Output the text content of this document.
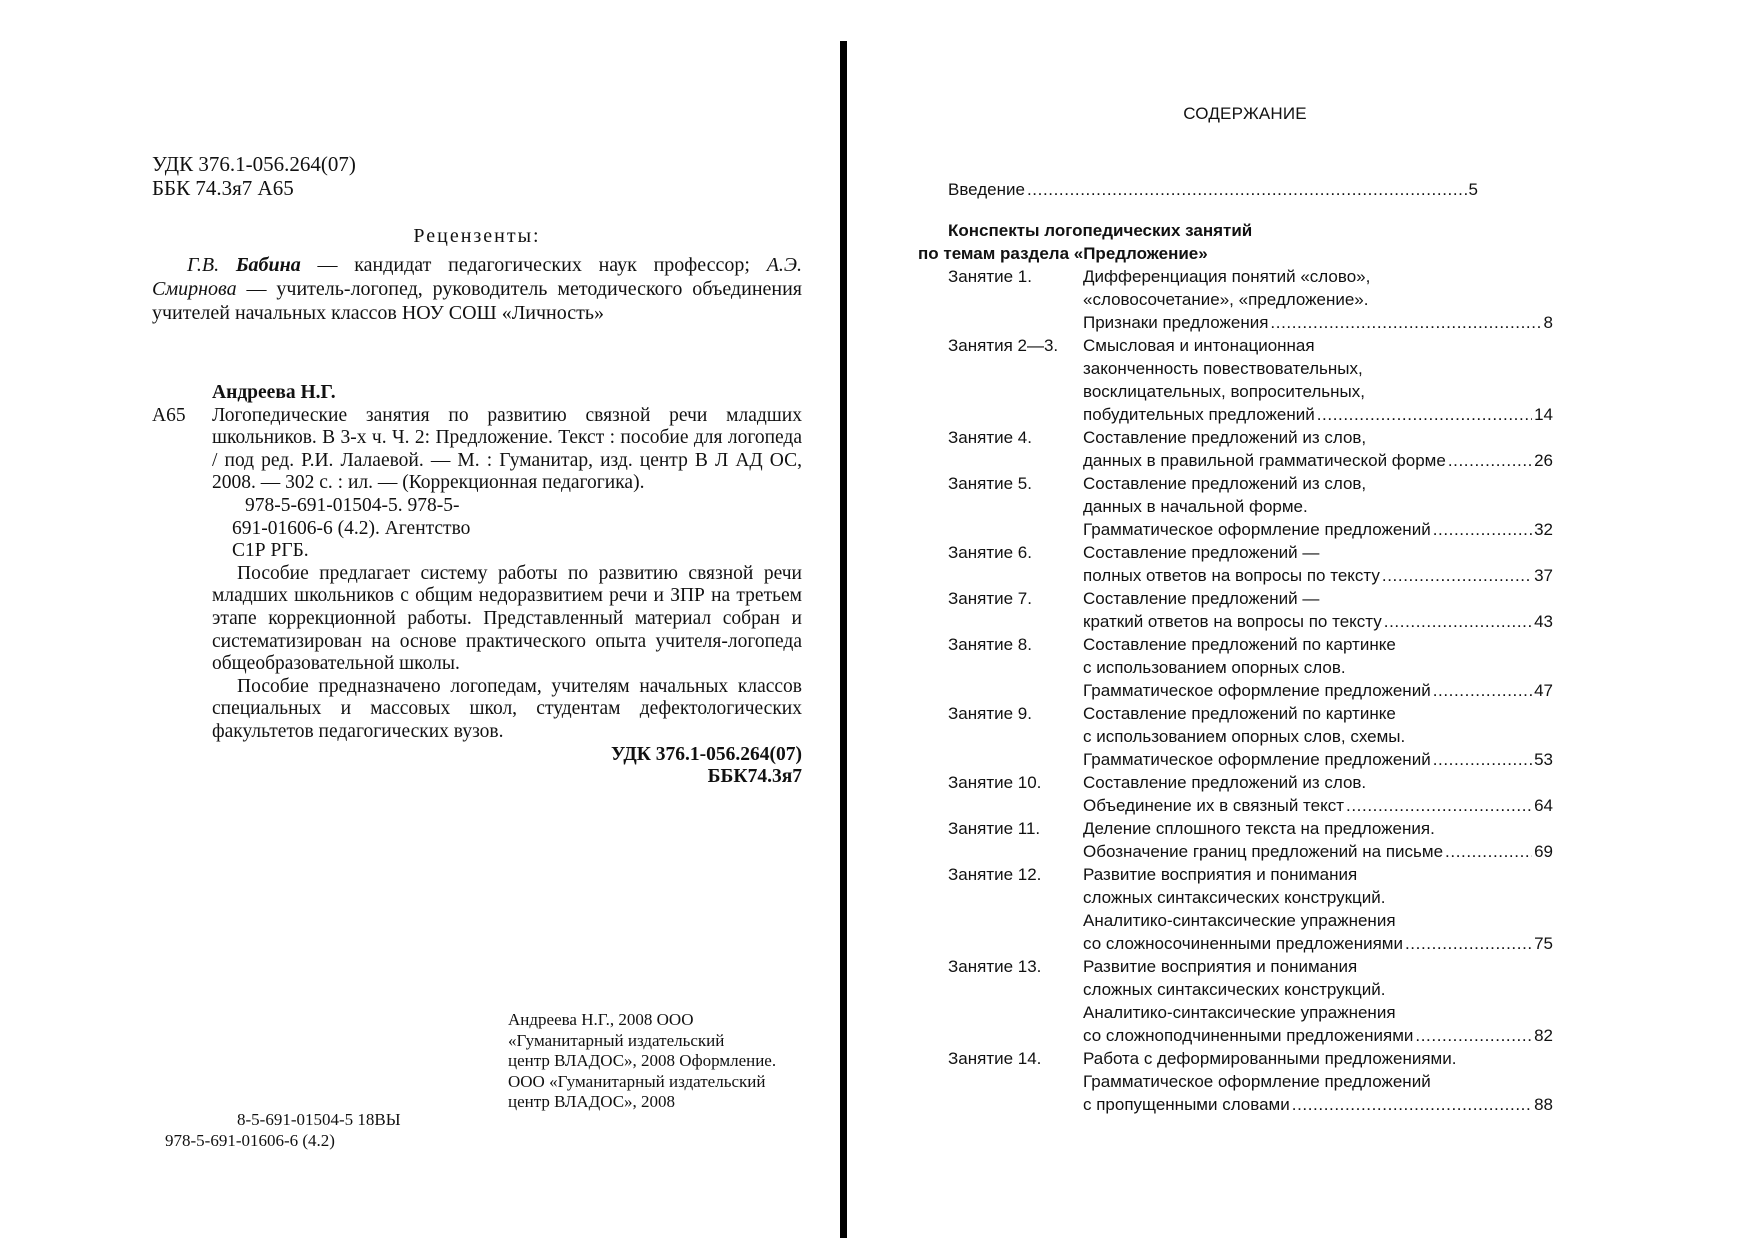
УДК 376.1-056.264(07)
ББК 74.3я7 А65
Рецензенты:
Г.В. Бабина — кандидат педагогических наук профессор; А.Э. Смирнова — учитель-логопед, руководитель методического объединения учителей начальных классов НОУ СОШ «Личность»
Андреева Н.Г.
А65	Логопедические занятия по развитию связной речи младших школьников. В 3-х ч. Ч. 2: Предложение. Текст : пособие для логопеда / под ред. Р.И. Лалаевой. — М. : Гуманитар, изд. центр В Л АД ОС, 2008. — 302 с. : ил. — (Коррекционная педагогика).
978-5-691-01504-5. 978-5-
691-01606-6 (4.2). Агентство
С1Р РГБ.

Пособие предлагает систему работы по развитию связной речи младших школьников с общим недоразвитием речи и ЗПР на третьем этапе коррекционной работы. Представленный материал собран и систематизирован на основе практического опыта учителя-логопеда общеобразовательной школы.

Пособие предназначено логопедам, учителям начальных классов специальных и массовых школ, студентам дефектологических факультетов педагогических вузов.

УДК 376.1-056.264(07)
ББК74.3я7
Андреева Н.Г., 2008 ООО
«Гуманитарный издательский
центр ВЛАДОС», 2008 Оформление.
ООО «Гуманитарный издательский
центр ВЛАДОС», 2008
8-5-691-01504-5 18ВЫ
978-5-691-01606-6 (4.2)
СОДЕРЖАНИЕ
Введение .....	5
Конспекты логопедических занятий
по темам раздела «Предложение»
Занятие 1.	Дифференциация понятий «слово»,
«словосочетание», «предложение».
Признаки предложения .....	8
Занятия 2—3.	Смысловая и интонационная
законченность повествовательных,
восклицательных, вопросительных,
побудительных предложений .....	14
Занятие 4.	Составление предложений из слов,
данных в правильной грамматической форме .....	26
Занятие 5.	Составление предложений из слов,
данных в начальной форме.
Грамматическое оформление предложений .....	32
Занятие 6.	Составление предложений —
полных ответов на вопросы по тексту .....	37
Занятие 7.	Составление предложений —
краткий ответов на вопросы по тексту .....	43
Занятие 8.	Составление предложений по картинке
с использованием опорных слов.
Грамматическое оформление предложений .....	47
Занятие 9.	Составление предложений по картинке
с использованием опорных слов, схемы.
Грамматическое оформление предложений .....	53
Занятие 10.	Составление предложений из слов.
Объединение их в связный текст .....	64
Занятие 11.	Деление сплошного текста на предложения.
Обозначение границ предложений на письме .....	69
Занятие 12.	Развитие восприятия и понимания
сложных синтаксических конструкций.
Аналитико-синтаксические упражнения
со сложносочиненными предложениями .....	75
Занятие 13.	Развитие восприятия и понимания
сложных синтаксических конструкций.
Аналитико-синтаксические упражнения
со сложноподчиненными предложениями .....	82
Занятие 14.	Работа с деформированными предложениями.
Грамматическое оформление предложений
с пропущенными словами .....	88
